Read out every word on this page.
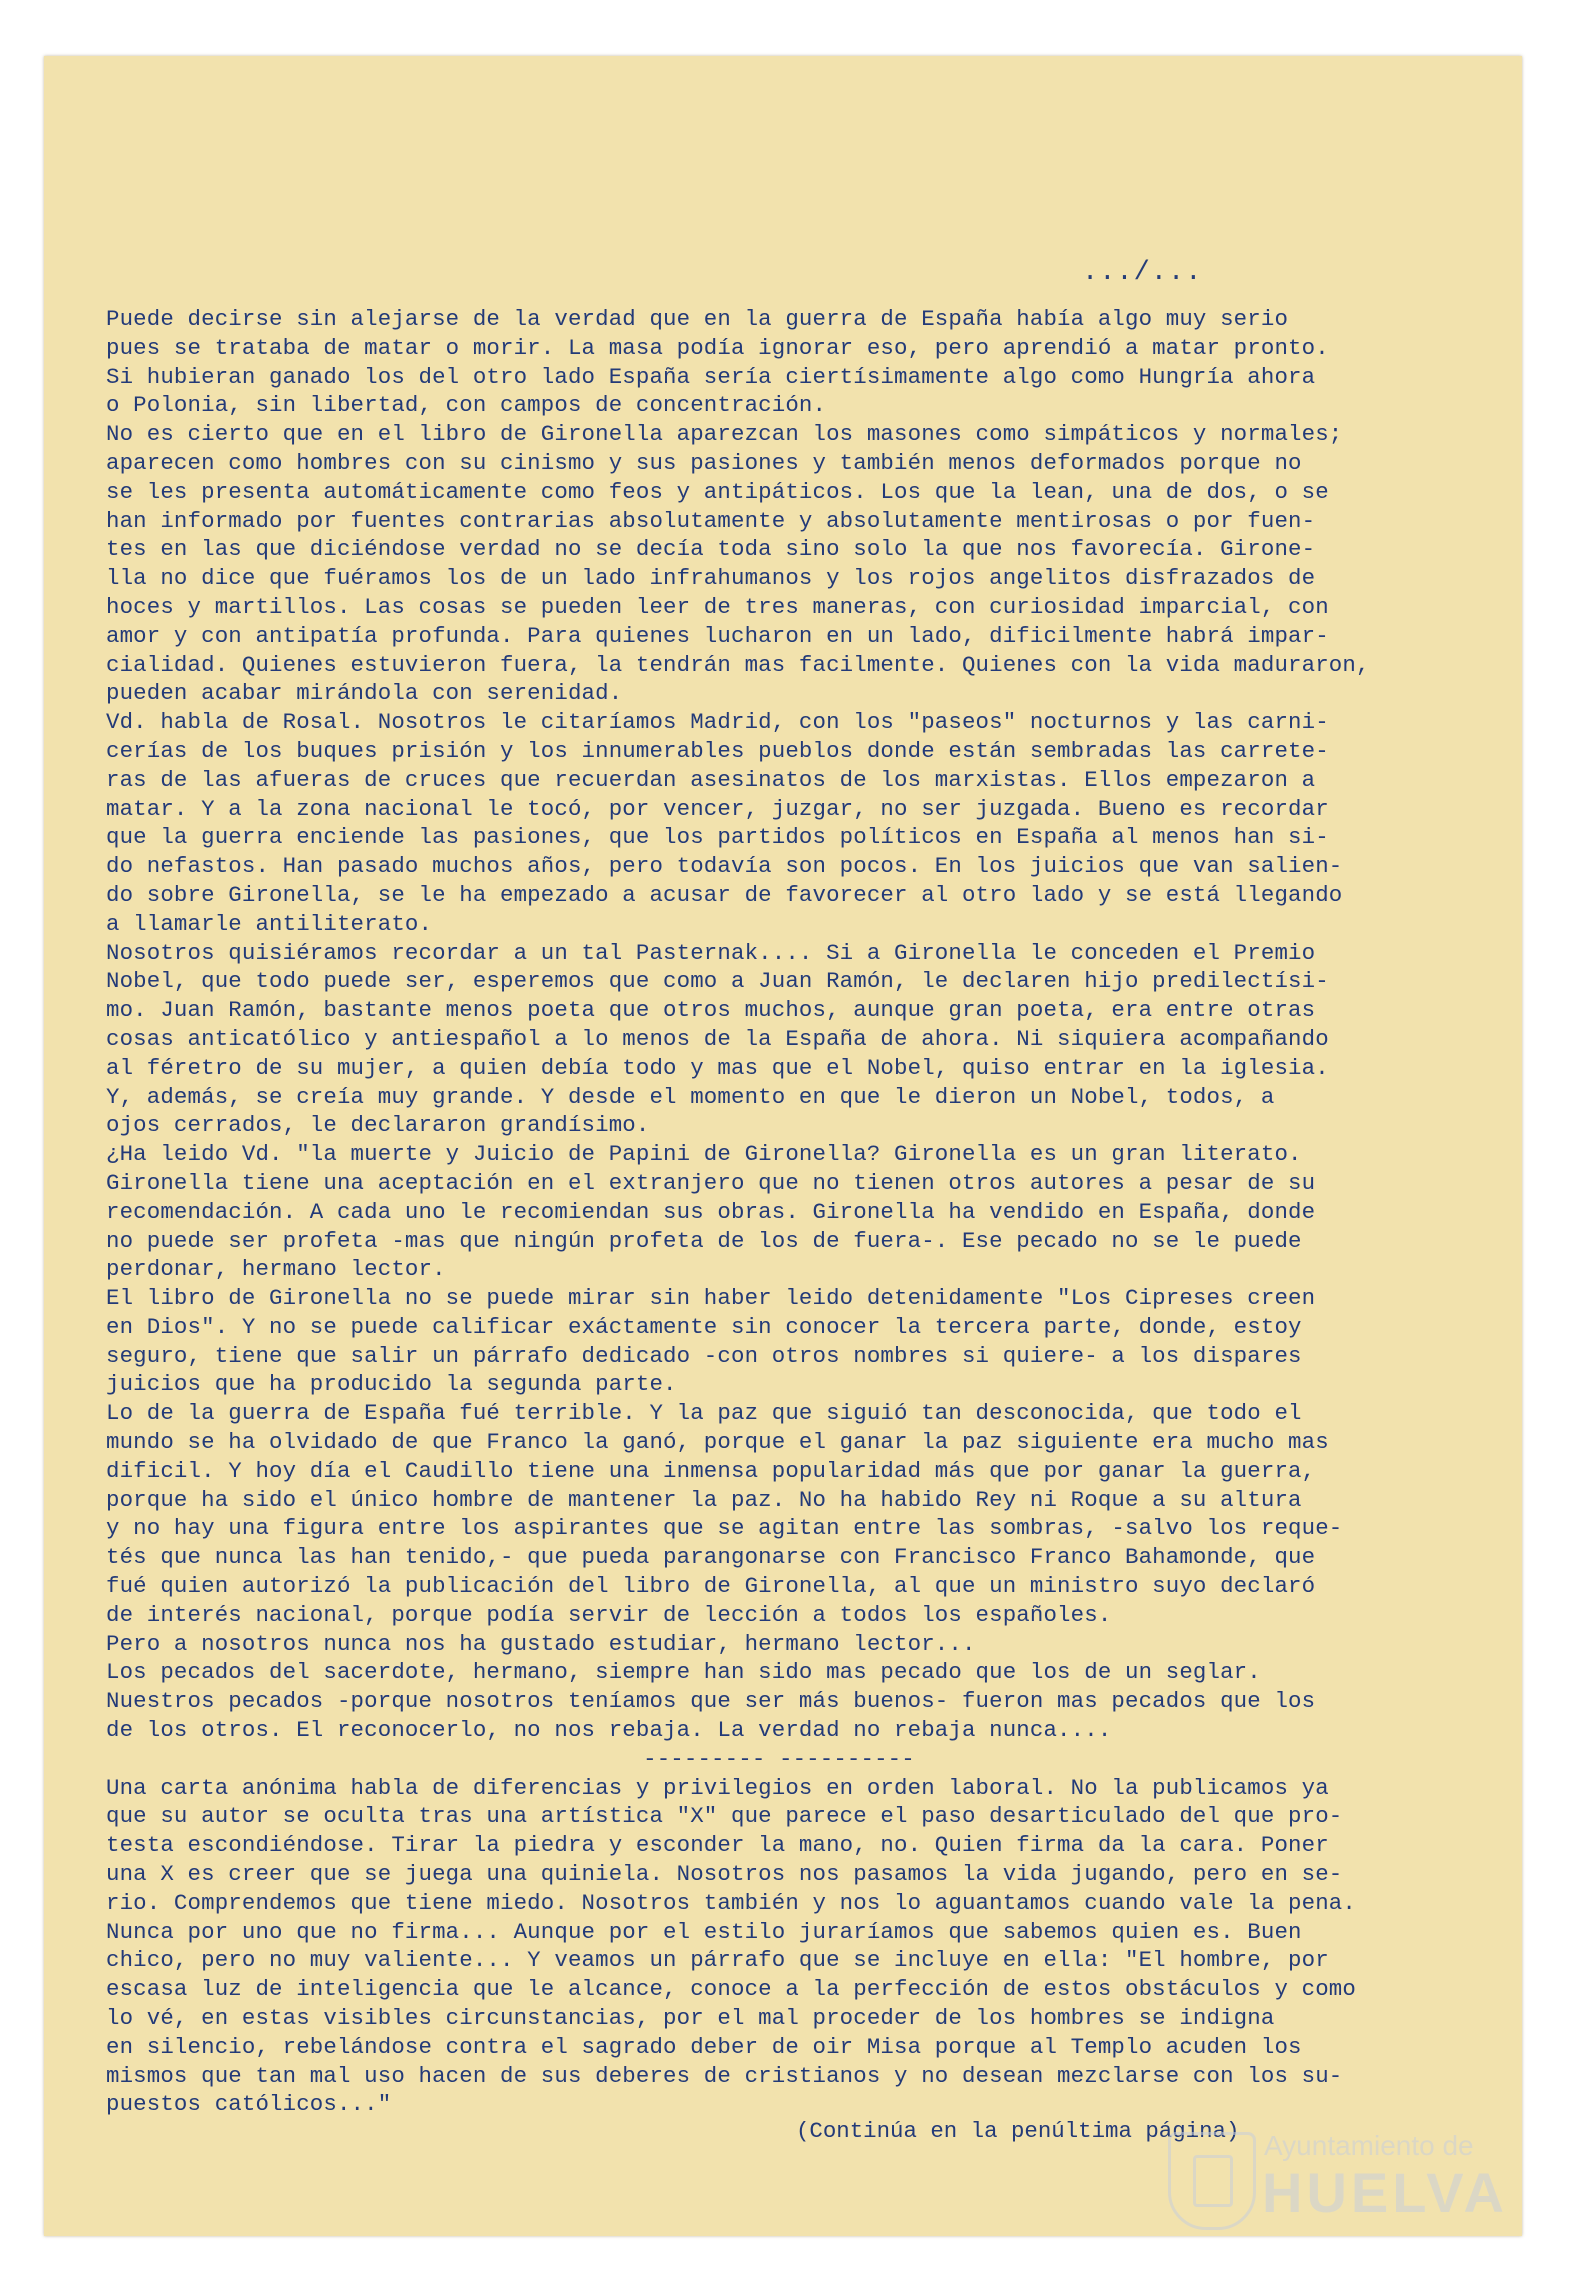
.../...
Puede decirse sin alejarse de la verdad que en la guerra de España había algo muy serio
pues se trataba de matar o morir. La masa podía ignorar eso, pero aprendió a matar pronto.
Si hubieran ganado los del otro lado España sería ciertísimamente algo como Hungría ahora
o Polonia, sin libertad, con campos de concentración.
No es cierto que en el libro de Gironella aparezcan los masones como simpáticos y normales;
aparecen como hombres con su cinismo y sus pasiones y también menos deformados porque no
se les presenta automáticamente como feos y antipáticos. Los que la lean, una de dos, o se
han informado por fuentes contrarias absolutamente y absolutamente mentirosas o por fuen-
tes en las que diciéndose verdad no se decía toda sino solo la que nos favorecía. Girone-
lla no dice que fuéramos los de un lado infrahumanos y los rojos angelitos disfrazados de
hoces y martillos. Las cosas se pueden leer de tres maneras, con curiosidad imparcial, con
amor y con antipatía profunda. Para quienes lucharon en un lado, dificilmente habrá impar-
cialidad. Quienes estuvieron fuera, la tendrán mas facilmente. Quienes con la vida maduraron,
pueden acabar mirándola con serenidad.
Vd. habla de Rosal. Nosotros le citaríamos Madrid, con los "paseos" nocturnos y las carni-
cerías de los buques prisión y los innumerables pueblos donde están sembradas las carrete-
ras de las afueras de cruces que recuerdan asesinatos de los marxistas. Ellos empezaron a
matar. Y a la zona nacional le tocó, por vencer, juzgar, no ser juzgada. Bueno es recordar
que la guerra enciende las pasiones, que los partidos políticos en España al menos han si-
do nefastos. Han pasado muchos años, pero todavía son pocos. En los juicios que van salien-
do sobre Gironella, se le ha empezado a acusar de favorecer al otro lado y se está llegando
a llamarle antiliterato.
Nosotros quisiéramos recordar a un tal Pasternak.... Si a Gironella le conceden el Premio
Nobel, que todo puede ser, esperemos que como a Juan Ramón, le declaren hijo predilectísi-
mo. Juan Ramón, bastante menos poeta que otros muchos, aunque gran poeta, era entre otras
cosas anticatólico y antiespañol a lo menos de la España de ahora. Ni siquiera acompañando
al féretro de su mujer, a quien debía todo y mas que el Nobel, quiso entrar en la iglesia.
Y, además, se creía muy grande. Y desde el momento en que le dieron un Nobel, todos, a
ojos cerrados, le declararon grandísimo.
¿Ha leido Vd. "la muerte y Juicio de Papini de Gironella? Gironella es un gran literato.
Gironella tiene una aceptación en el extranjero que no tienen otros autores a pesar de su
recomendación. A cada uno le recomiendan sus obras. Gironella ha vendido en España, donde
no puede ser profeta -mas que ningún profeta de los de fuera-. Ese pecado no se le puede
perdonar, hermano lector.
El libro de Gironella no se puede mirar sin haber leido detenidamente "Los Cipreses creen
en Dios". Y no se puede calificar exáctamente sin conocer la tercera parte, donde, estoy
seguro, tiene que salir un párrafo dedicado -con otros nombres si quiere- a los dispares
juicios que ha producido la segunda parte.
Lo de la guerra de España fué terrible. Y la paz que siguió tan desconocida, que todo el
mundo se ha olvidado de que Franco la ganó, porque el ganar la paz siguiente era mucho mas
dificil. Y hoy día el Caudillo tiene una inmensa popularidad más que por ganar la guerra,
porque ha sido el único hombre de mantener la paz. No ha habido Rey ni Roque a su altura
y no hay una figura entre los aspirantes que se agitan entre las sombras, -salvo los reque-
tés que nunca las han tenido,- que pueda parangonarse con Francisco Franco Bahamonde, que
fué quien autorizó la publicación del libro de Gironella, al que un ministro suyo declaró
de interés nacional, porque podía servir de lección a todos los españoles.
Pero a nosotros nunca nos ha gustado estudiar, hermano lector...
Los pecados del sacerdote, hermano, siempre han sido mas pecado que los de un seglar.
Nuestros pecados -porque nosotros teníamos que ser más buenos- fueron mas pecados que los
de los otros. El reconocerlo, no nos rebaja. La verdad no rebaja nunca....
--------- ----------
Una carta anónima habla de diferencias y privilegios en orden laboral. No la publicamos ya
que su autor se oculta tras una artística "X" que parece el paso desarticulado del que pro-
testa escondiéndose. Tirar la piedra y esconder la mano, no. Quien firma da la cara. Poner
una X es creer que se juega una quiniela. Nosotros nos pasamos la vida jugando, pero en se-
rio. Comprendemos que tiene miedo. Nosotros también y nos lo aguantamos cuando vale la pena.
Nunca por uno que no firma... Aunque por el estilo juraríamos que sabemos quien es. Buen
chico, pero no muy valiente... Y veamos un párrafo que se incluye en ella: "El hombre, por
escasa luz de inteligencia que le alcance, conoce a la perfección de estos obstáculos y como
lo vé, en estas visibles circunstancias, por el mal proceder de los hombres se indigna
en silencio, rebelándose contra el sagrado deber de oir Misa porque al Templo acuden los
mismos que tan mal uso hacen de sus deberes de cristianos y no desean mezclarse con los su-
puestos católicos..."
(Continúa en la penúltima página) Ayuntamiento de
HUELVA
